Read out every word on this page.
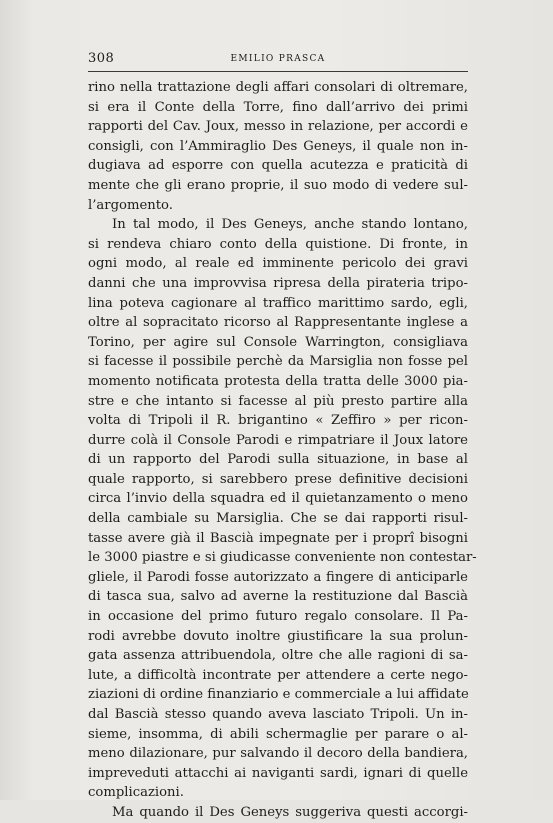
308	EMILIO PRASCA
rino nella trattazione degli affari consolari di oltremare,
si era il Conte della Torre, fino dall’arrivo dei primi
rapporti del Cav. Joux, messo in relazione, per accordi e
consigli, con l’Ammiraglio Des Geneys, il quale non in-
dugiava ad esporre con quella acutezza e praticità di
mente che gli erano proprie, il suo modo di vedere sul-
l’argomento.
In tal modo, il Des Geneys, anche stando lontano,
si rendeva chiaro conto della quistione. Di fronte, in
ogni modo, al reale ed imminente pericolo dei gravi
danni che una improvvisa ripresa della pirateria tripo-
lina poteva cagionare al traffico marittimo sardo, egli,
oltre al sopracitato ricorso al Rappresentante inglese a
Torino, per agire sul Console Warrington, consigliava
si facesse il possibile perchè da Marsiglia non fosse pel
momento notificata protesta della tratta delle 3000 pia-
stre e che intanto si facesse al più presto partire alla
volta di Tripoli il R. brigantino « Zeffiro » per ricon-
durre colà il Console Parodi e rimpatriare il Joux latore
di un rapporto del Parodi sulla situazione, in base al
quale rapporto, si sarebbero prese definitive decisioni
circa l’invio della squadra ed il quietanzamento o meno
della cambiale su Marsiglia. Che se dai rapporti risul-
tasse avere già il Bascià impegnate per i proprî bisogni
le 3000 piastre e si giudicasse conveniente non contestar-
gliele, il Parodi fosse autorizzato a fingere di anticiparle
di tasca sua, salvo ad averne la restituzione dal Bascià
in occasione del primo futuro regalo consolare. Il Pa-
rodi avrebbe dovuto inoltre giustificare la sua prolun-
gata assenza attribuendola, oltre che alle ragioni di sa-
lute, a difficoltà incontrate per attendere a certe nego-
ziazioni di ordine finanziario e commerciale a lui affidate
dal Bascià stesso quando aveva lasciato Tripoli. Un in-
sieme, insomma, di abili schermaglie per parare o al-
meno dilazionare, pur salvando il decoro della bandiera,
impreveduti attacchi ai naviganti sardi, ignari di quelle
complicazioni.
Ma quando il Des Geneys suggeriva questi accorgi-
